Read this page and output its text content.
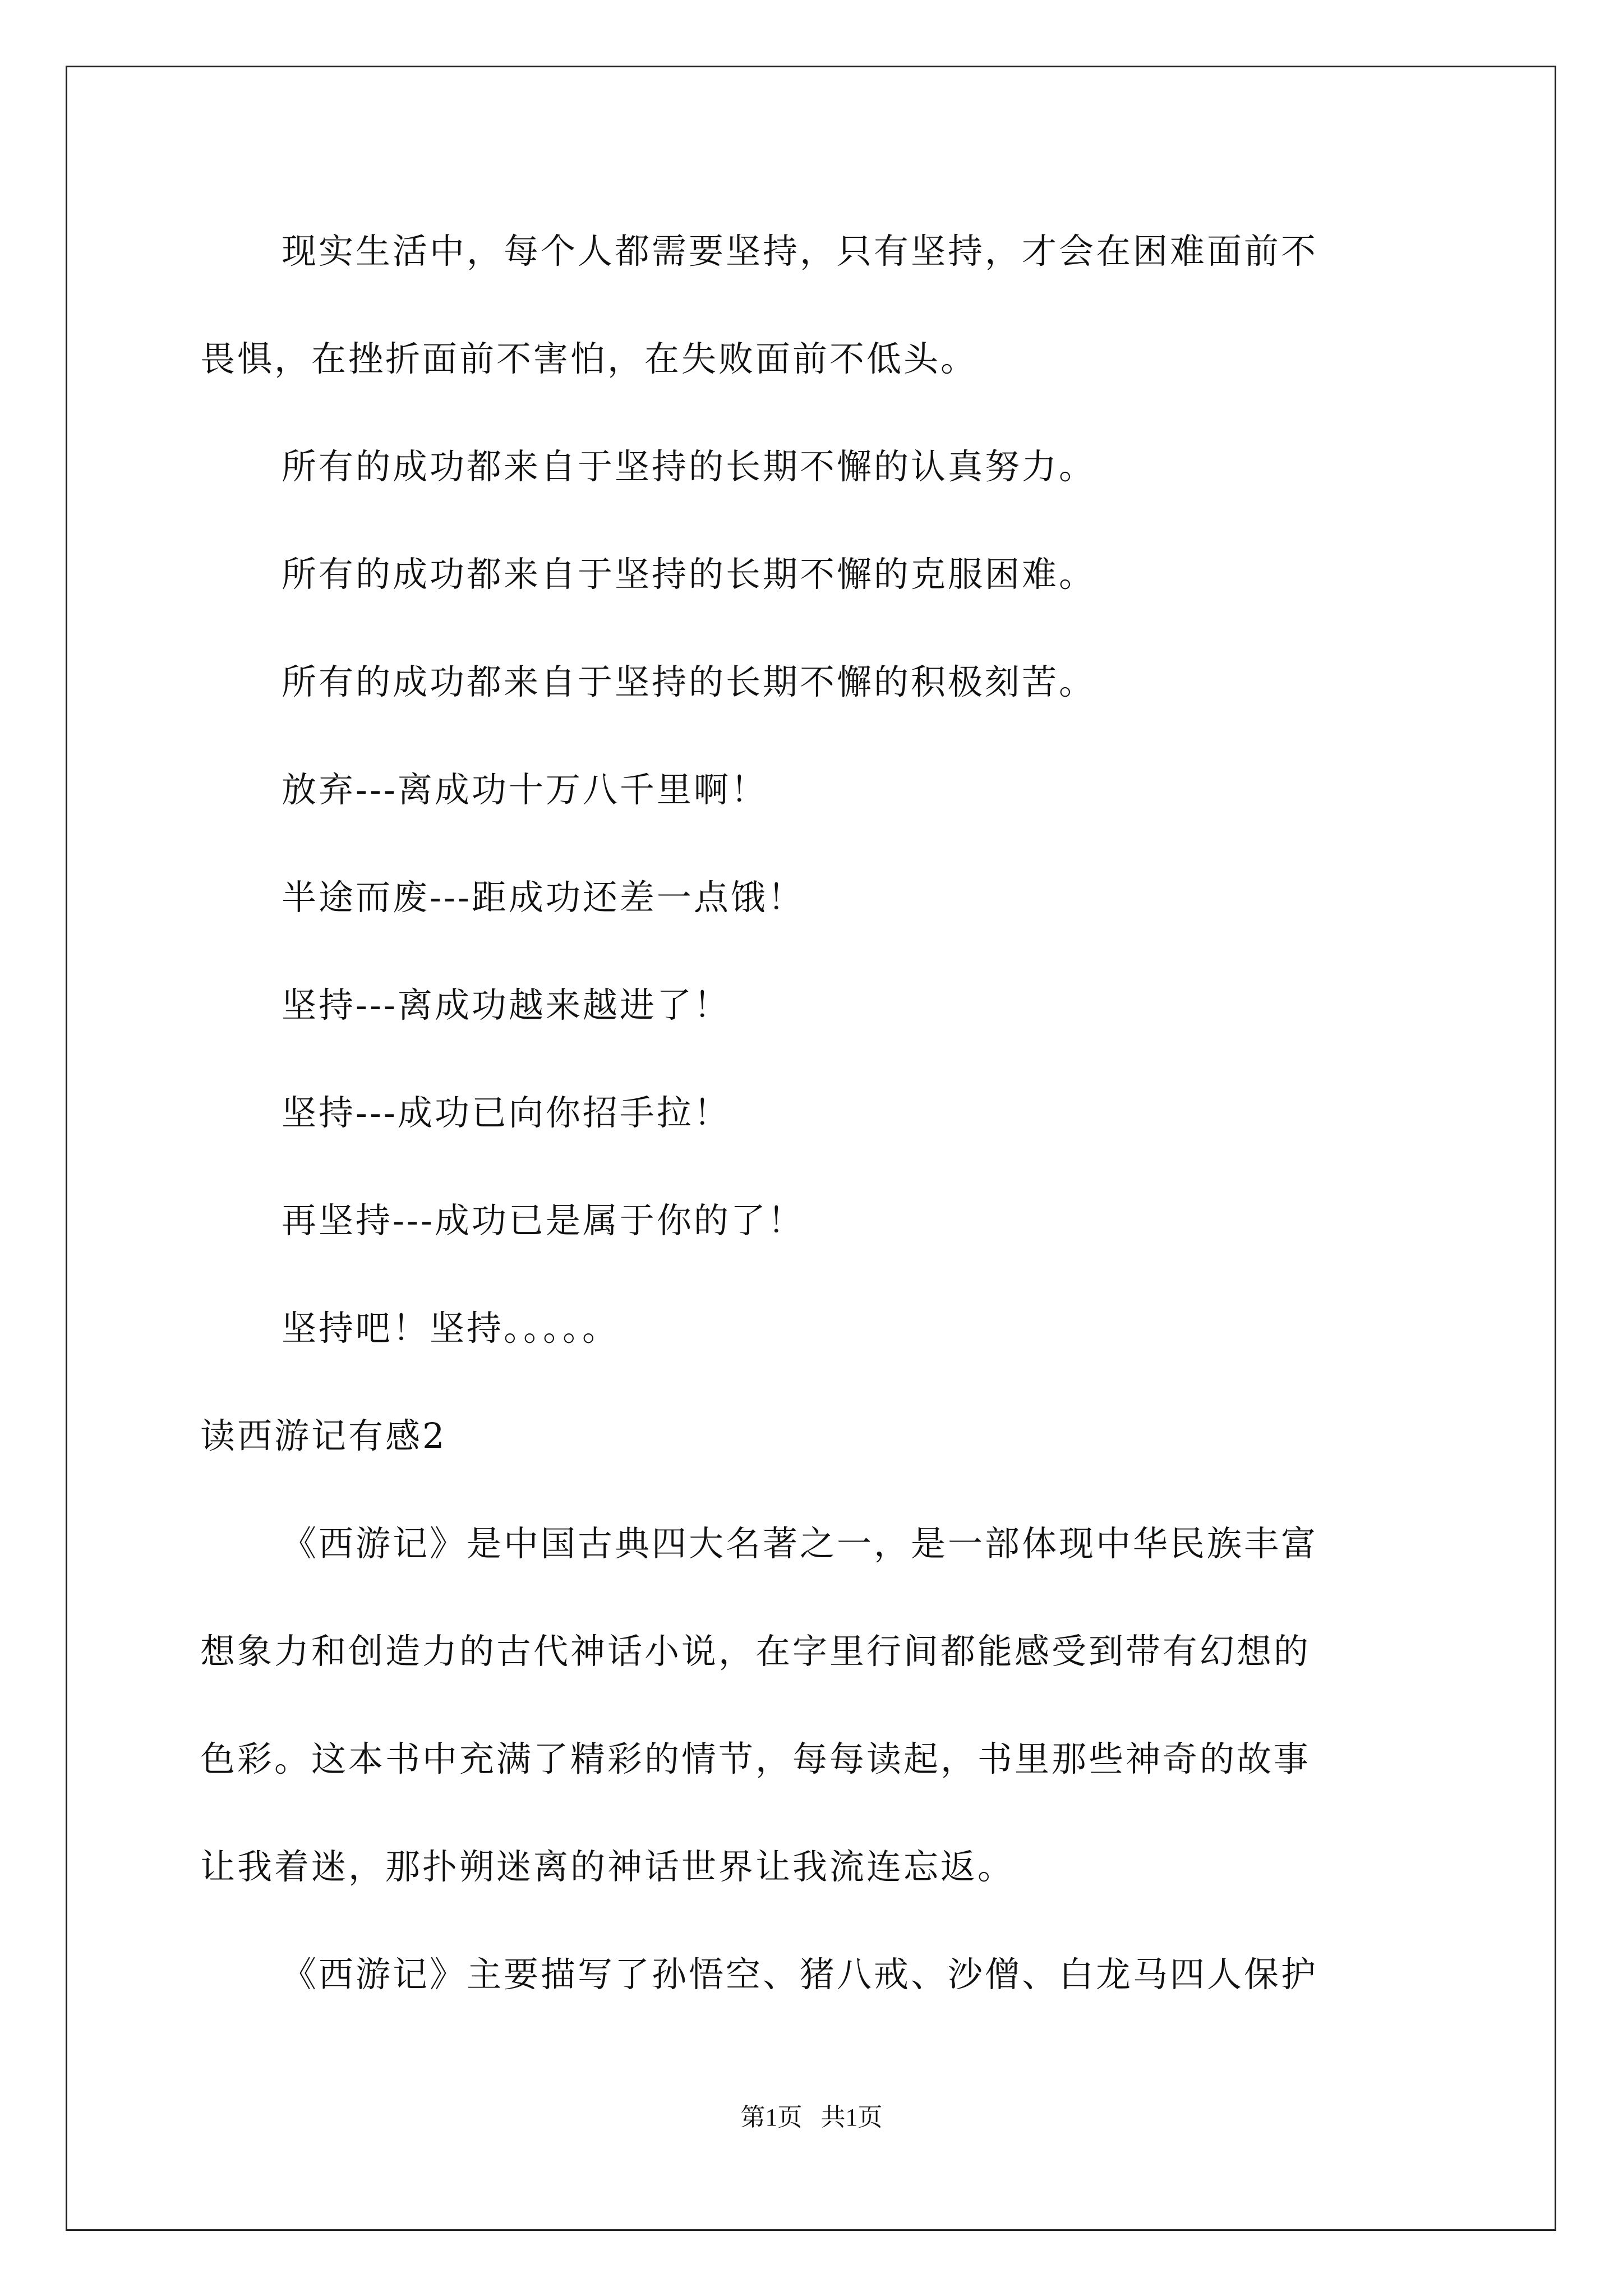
现实生活中，每个人都需要坚持，只有坚持，才会在困难面前不
畏惧，在挫折面前不害怕，在失败面前不低头。
所有的成功都来自于坚持的长期不懈的认真努力。
所有的成功都来自于坚持的长期不懈的克服困难。
所有的成功都来自于坚持的长期不懈的积极刻苦。
放弃---离成功十万八千里啊！
半途而废---距成功还差一点饿！
坚持---离成功越来越进了！
坚持---成功已向你招手拉！
再坚持---成功已是属于你的了！
坚持吧！坚持。。。。。
读西游记有感2
《西游记》是中国古典四大名著之一，是一部体现中华民族丰富
想象力和创造力的古代神话小说，在字里行间都能感受到带有幻想的
色彩。这本书中充满了精彩的情节，每每读起，书里那些神奇的故事
让我着迷，那扑朔迷离的神话世界让我流连忘返。
《西游记》主要描写了孙悟空、猪八戒、沙僧、白龙马四人保护
第1页   共1页
